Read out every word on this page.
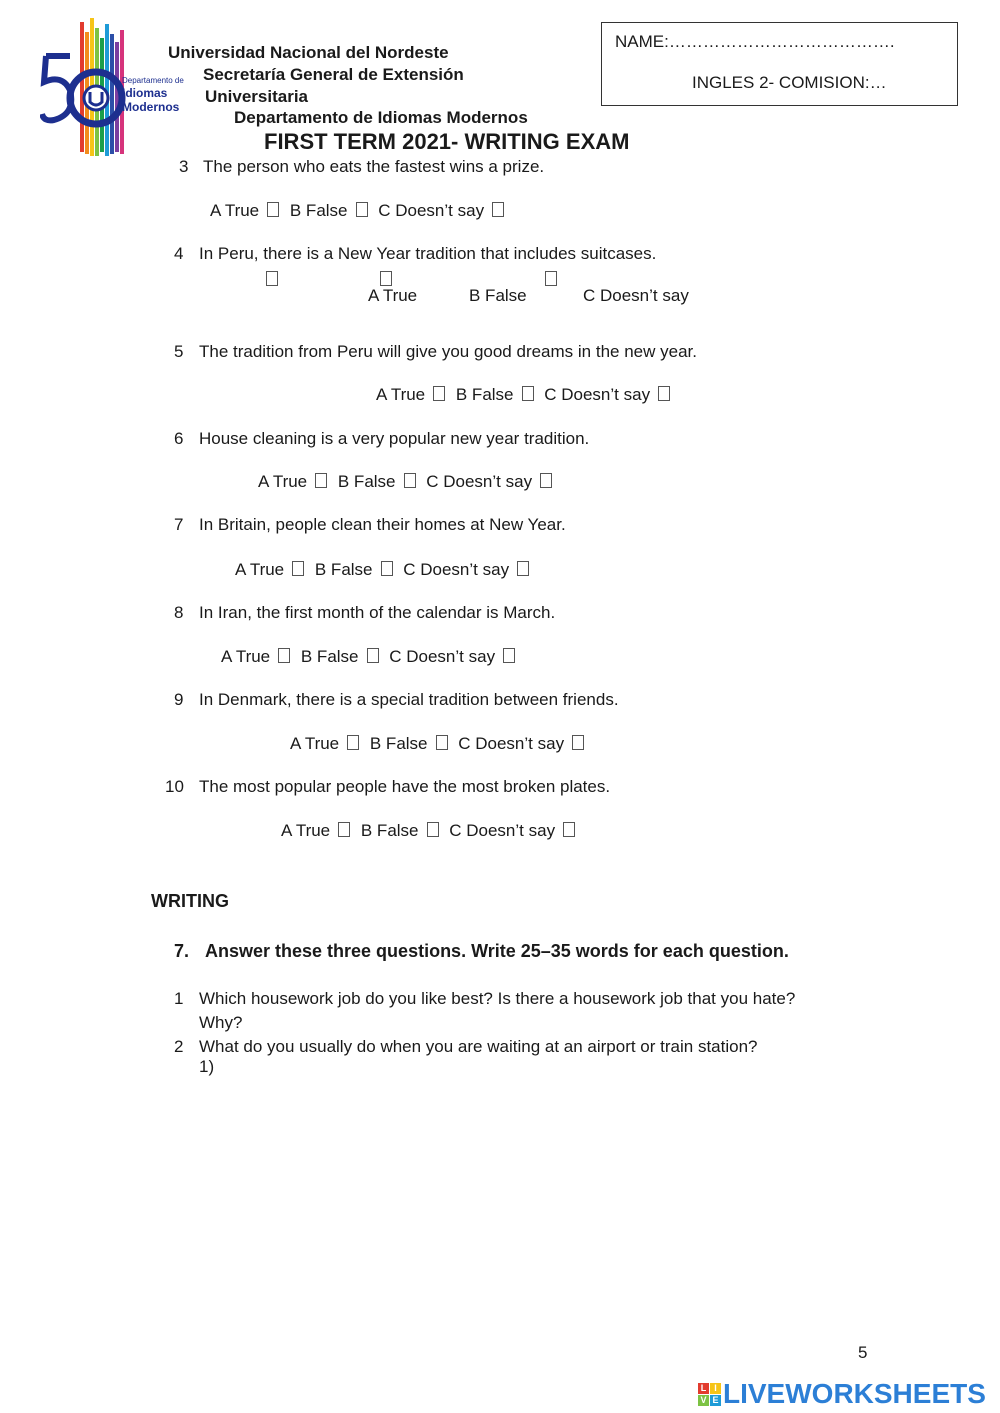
Departamento de
Idiomas
Modernos
Universidad Nacional del Nordeste
Secretaría General de Extensión
Universitaria
Departamento de Idiomas Modernos
FIRST TERM 2021- WRITING EXAM
NAME:………………………………….
INGLES 2- COMISION:…
3 The person who eats the fastest wins a prize.
A True B False C Doesn’t say
4 In Peru, there is a New Year tradition that includes suitcases.
A True	B False	C Doesn’t say
5 The tradition from Peru will give you good dreams in the new year.
A True B False C Doesn’t say
6 House cleaning is a very popular new year tradition.
A True B False C Doesn’t say
7 In Britain, people clean their homes at New Year.
A True B False C Doesn’t say
8 In Iran, the first month of the calendar is March.
A True B False C Doesn’t say
9 In Denmark, there is a special tradition between friends.
A True B False C Doesn’t say
10 The most popular people have the most broken plates.
A True B False C Doesn’t say
WRITING
7. Answer these three questions. Write 25–35 words for each question.
1 Which housework job do you like best? Is there a housework job that you hate?
Why?
2 What do you usually do when you are waiting at an airport or train station?
1)
5
L I
V E LIVEWORKSHEETS
